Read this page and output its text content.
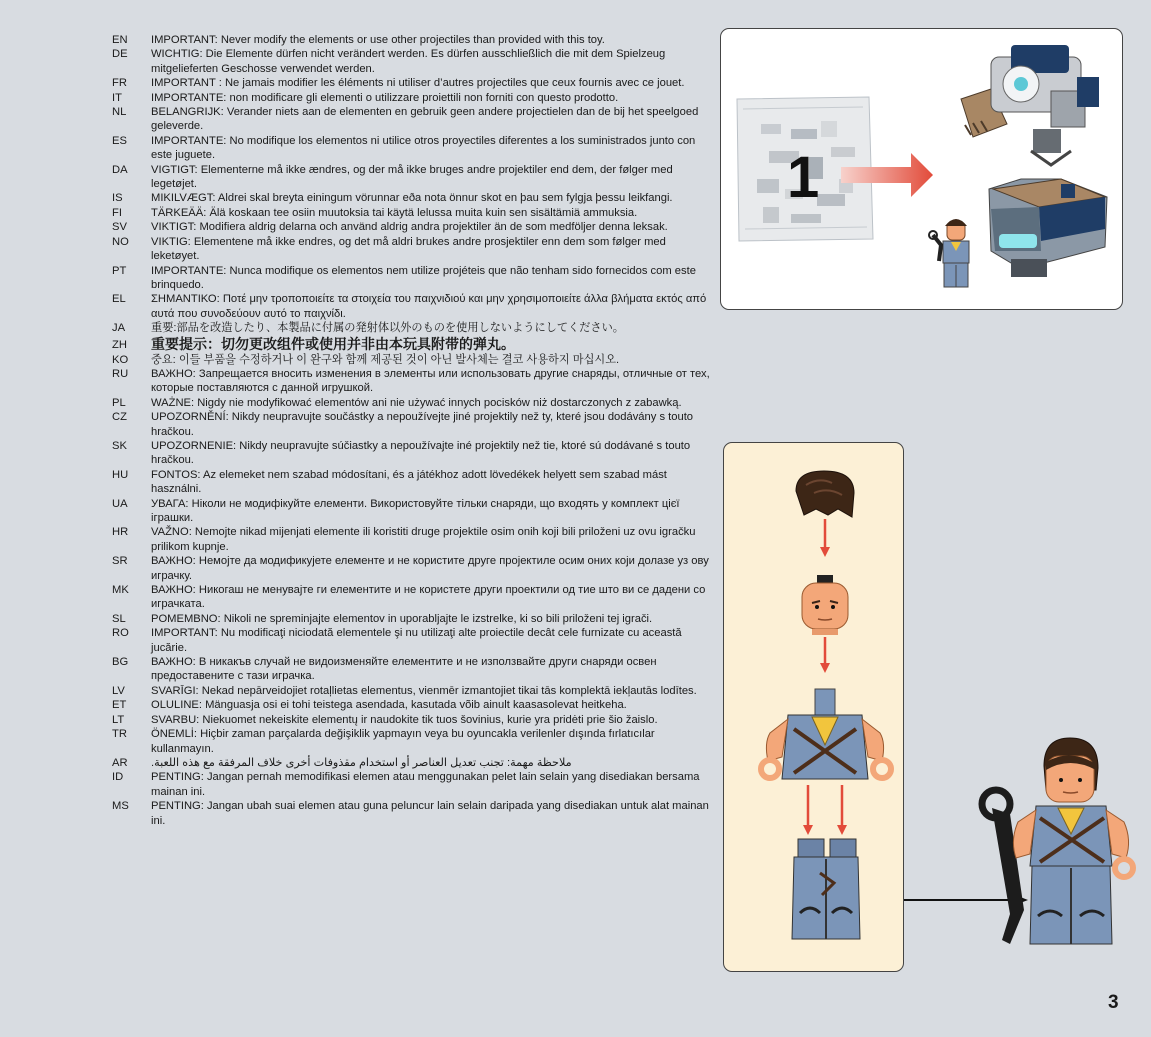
EN	IMPORTANT: Never modify the elements or use other projectiles than provided with this toy.
DE	WICHTIG: Die Elemente dürfen nicht verändert werden. Es dürfen ausschließlich die mit dem Spielzeug mitgelieferten Geschosse verwendet werden.
FR	IMPORTANT : Ne jamais modifier les éléments ni utiliser d’autres projectiles que ceux fournis avec ce jouet.
IT	IMPORTANTE: non modificare gli elementi o utilizzare proiettili non forniti con questo prodotto.
NL	BELANGRIJK: Verander niets aan de elementen en gebruik geen andere projectielen dan de bij het speelgoed geleverde.
ES	IMPORTANTE: No modifique los elementos ni utilice otros proyectiles diferentes a los suministrados junto con este juguete.
DA	VIGTIGT: Elementerne må ikke ændres, og der må ikke bruges andre projektiler end dem, der følger med legetøjet.
IS	MIKILVÆGT: Aldrei skal breyta einingum vörunnar eða nota önnur skot en þau sem fylgja þessu leikfangi.
FI	TÄRKEÄÄ: Älä koskaan tee osiin muutoksia tai käytä lelussa muita kuin sen sisältämiä ammuksia.
SV	VIKTIGT: Modifiera aldrig delarna och använd aldrig andra projektiler än de som medföljer denna leksak.
NO	VIKTIG: Elementene må ikke endres, og det må aldri brukes andre prosjektiler enn dem som følger med leketøyet.
PT	IMPORTANTE: Nunca modifique os elementos nem utilize projéteis que não tenham sido fornecidos com este brinquedo.
EL	ΣΗΜΑΝΤΙΚΟ: Ποτέ μην τροποποιείτε τα στοιχεία του παιχνιδιού και μην χρησιμοποιείτε άλλα βλήματα εκτός από αυτά που συνοδεύουν αυτό το παιχνίδι.
JA	重要:部品を改造したり、本製品に付属の発射体以外のものを使用しないようにしてください。
ZH	重要提示：切勿更改组件或使用并非由本玩具附带的弹丸。
KO	중요: 이들 부품을 수정하거나 이 완구와 함께 제공된 것이 아닌 발사체는 결코 사용하지 마십시오.
RU	ВАЖНО: Запрещается вносить изменения в элементы или использовать другие снаряды, отличные от тех, которые поставляются с данной игрушкой.
PL	WAŻNE: Nigdy nie modyfikować elementów ani nie używać innych pocisków niż dostarczonych z zabawką.
CZ	UPOZORNĚNÍ: Nikdy neupravujte součástky a nepoužívejte jiné projektily než ty, které jsou dodávány s touto hračkou.
SK	UPOZORNENIE: Nikdy neupravujte súčiastky a nepoužívajte iné projektily než tie, ktoré sú dodávané s touto hračkou.
HU	FONTOS: Az elemeket nem szabad módosítani, és a játékhoz adott lövedékek helyett sem szabad mást használni.
UA	УВАГА: Ніколи не модифікуйте елементи. Використовуйте тільки снаряди, що входять у комплект цієї іграшки.
HR	VAŽNO: Nemojte nikad mijenjati elemente ili koristiti druge projektile osim onih koji bili priloženi uz ovu igračku prilikom kupnje.
SR	ВАЖНО: Немојте да модификујете елементе и не користите друге пројектиле осим оних који долазе уз ову играчку.
MK	ВАЖНО: Никогаш не менувајте ги елементите и не користете други проектили од тие што ви се дадени со играчката.
SL	POMEMBNO: Nikoli ne spreminjajte elementov in uporabljajte le izstrelke, ki so bili priloženi tej igrači.
RO	IMPORTANT: Nu modificaţi niciodată elementele şi nu utilizaţi alte proiectile decât cele furnizate cu această jucărie.
BG	ВАЖНО: В никакъв случай не видоизменяйте елементите и не използвайте други снаряди освен предоставените с тази играчка.
LV	SVARĪGI: Nekad nepārveidojiet rotaļlietas elementus, vienmēr izmantojiet tikai tās komplektā iekļautās lodītes.
ET	OLULINE: Mänguasja osi ei tohi teistega asendada, kasutada võib ainult kaasasolevat heitkeha.
LT	SVARBU: Niekuomet nekeiskite elementų ir naudokite tik tuos šovinius, kurie yra pridėti prie šio žaislo.
TR	ÖNEMLİ: Hiçbir zaman parçalarda değişiklik yapmayın veya bu oyuncakla verilenler dışında fırlatıcılar kullanmayın.
AR	ملاحظة مهمة: تجنب تعديل العناصر أو استخدام مقذوفات أخرى خلاف المرفقة مع هذه اللعبة.
ID	PENTING: Jangan pernah memodifikasi elemen atau menggunakan pelet lain selain yang disediakan bersama mainan ini.
MS	PENTING: Jangan ubah suai elemen atau guna peluncur lain selain daripada yang disediakan untuk alat mainan ini.
1
3
